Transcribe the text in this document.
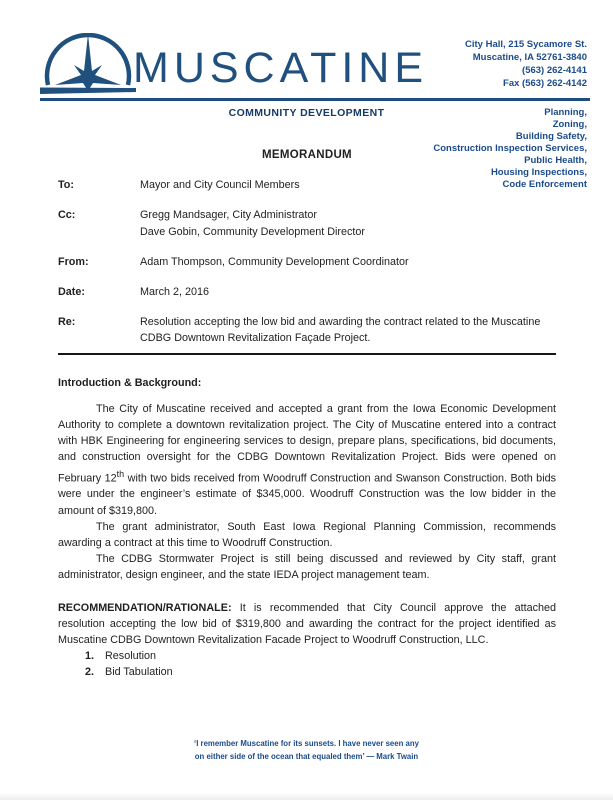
MUSCATINE	City Hall, 215 Sycamore St.
Muscatine, IA 52761-3840
(563) 262-4141
Fax (563) 262-4142
COMMUNITY DEVELOPMENT	Planning,
Zoning,
Building Safety,
Construction Inspection Services,
Public Health,
Housing Inspections,
Code Enforcement
MEMORANDUM
To:	Mayor and City Council Members
Cc:	Gregg Mandsager, City Administrator
Dave Gobin, Community Development Director
From:	Adam Thompson, Community Development Coordinator
Date:	March 2, 2016
Re:	Resolution accepting the low bid and awarding the contract related to the Muscatine CDBG Downtown Revitalization Façade Project.
Introduction & Background:
The City of Muscatine received and accepted a grant from the Iowa Economic Development Authority to complete a downtown revitalization project. The City of Muscatine entered into a contract with HBK Engineering for engineering services to design, prepare plans, specifications, bid documents, and construction oversight for the CDBG Downtown Revitalization Project. Bids were opened on February 12th with two bids received from Woodruff Construction and Swanson Construction. Both bids were under the engineer’s estimate of $345,000. Woodruff Construction was the low bidder in the amount of $319,800.
The grant administrator, South East Iowa Regional Planning Commission, recommends awarding a contract at this time to Woodruff Construction.
The CDBG Stormwater Project is still being discussed and reviewed by City staff, grant administrator, design engineer, and the state IEDA project management team.
RECOMMENDATION/RATIONALE: It is recommended that City Council approve the attached resolution accepting the low bid of $319,800 and awarding the contract for the project identified as Muscatine CDBG Downtown Revitalization Facade Project to Woodruff Construction, LLC.
1.	Resolution
2.	Bid Tabulation
‘I remember Muscatine for its sunsets. I have never seen any
on either side of the ocean that equaled them’ — Mark Twain
